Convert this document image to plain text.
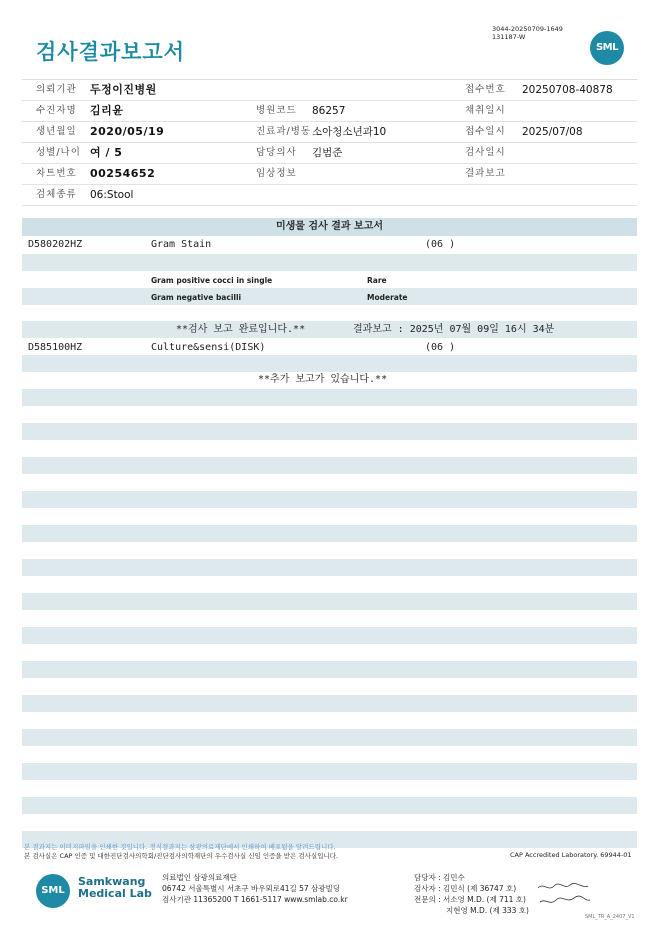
검사결과보고서
3044-20250709-1649
131187-W
SML
의뢰기관 두정이진병원	접수번호 20250708-40878
수진자명 김리윤	병원코드 86257	채취일시
생년월일 2020/05/19	진료과/병동 소아청소년과10	접수일시 2025/07/08
성별/나이 여 / 5	담당의사 김범준	검사일시
차트번호 00254652	임상정보	결과보고
검체종류 06:Stool
미생물 검사 결과 보고서
D580202HZ	Gram Stain	(06 )
Gram positive cocci in single	Rare
Gram negative bacilli	Moderate
**검사 보고 완료입니다.**	결과보고 : 2025년 07월 09일 16시 34분
D585100HZ	Culture&sensi(DISK)	(06 )
**추가 보고가 있습니다.**
본 결과지는 이미지파일을 인쇄한 것입니다. 정식결과지는 삼광의료재단에서 인쇄하여 배포됨을 알려드립니다.
본 검사실은 CAP 인증 및 대한진단검사의학회/진단검사의학재단의 우수검사실 신임 인증을 받은 검사실입니다.	CAP Accredited Laboratory. 69944-01
SML
Samkwang
Medical Lab
의료법인 삼광의료재단
06742 서울특별시 서초구 바우뫼로41길 57 삼광빌딩
검사기관 11365200 T 1661-5117 www.smlab.co.kr
담당자 : 김민수
검사자 : 김민식 (제 36747 호)
전문의 : 서소영 M.D. (제 711 호)
지현영 M.D. (제 333 호)
SML_TR_A_2407_V1
